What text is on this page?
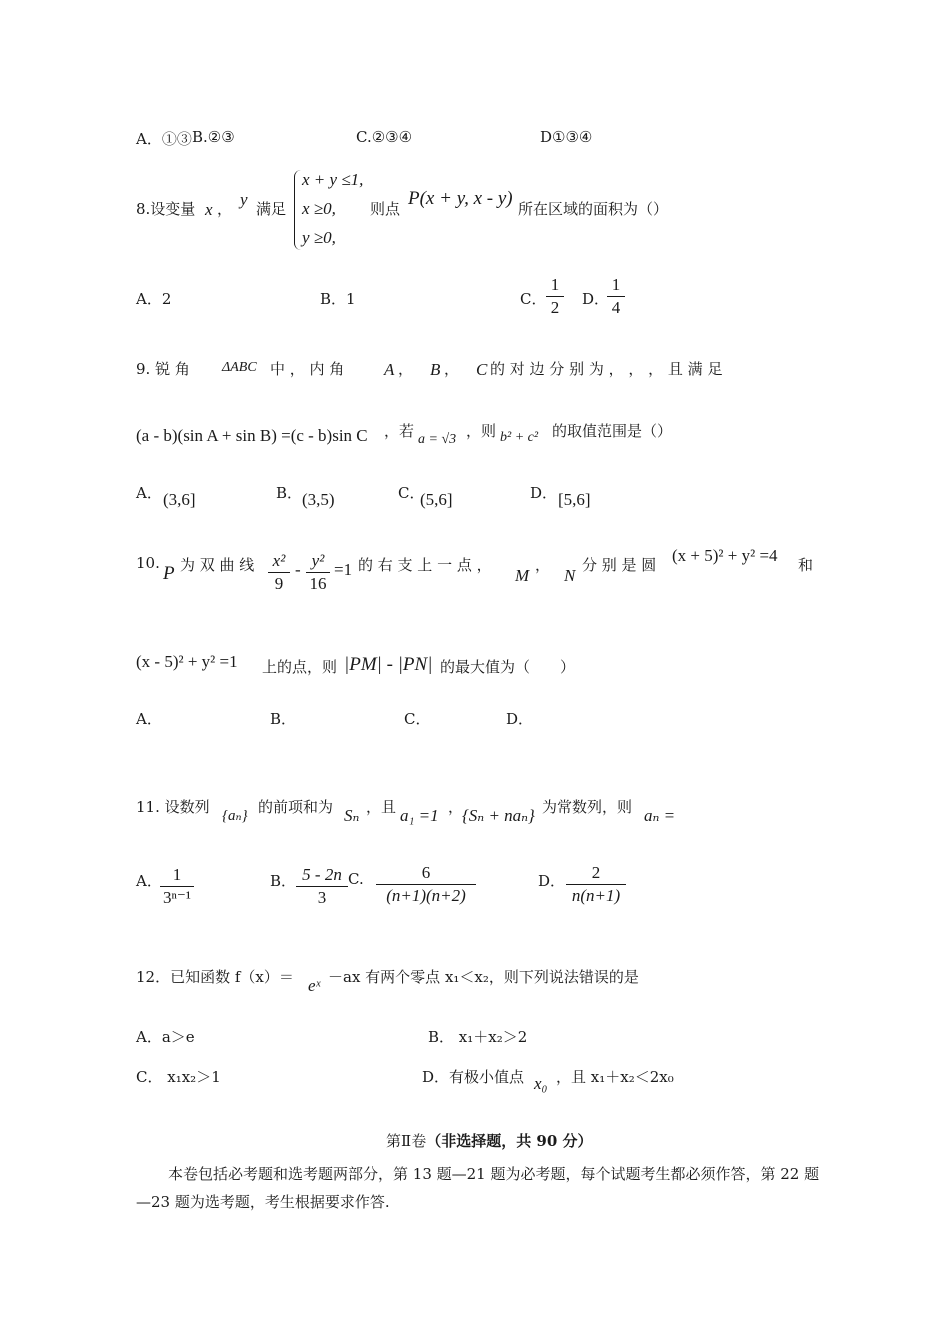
A．①③ B.②③	C.②③④	D①③④
8.设变量 x ， y 满足
x + y ≤1,
x ≥0,
y ≥0,
则点 P(x + y, x - y) 所在区域的面积为（）
A．2	B．1	C． $\frac{1}{2}$ D．
$\frac{1}{4}$
9. 锐 角 ΔABC 中 ， 内 角 A ， B ， C 的 对 边 分 别 为 ， ， ， 且 满 足
(a - b)(sin A + sin B) =(c - b)sin C ，若 a = √3 ，则 b² + c² 的取值范围是（）
A． (3,6]	B． (3,5)	C．
(5,6]	D． [5,6]
10. P 为 双 曲 线 $\frac{\text{x²}}{9} - \frac{\text{y²}}{16} =1$ 的 右 支 上 一 点 ，
M
，
N
分 别 是 圆 (x + 5)² + y² =4 和
(x - 5)² + y² =1 上的点，则 |PM| - |PN| 的最大值为（　　）
A．	B．	C．	D．
11. 设数列 {aₙ} 的前项和为 Sₙ ，且 a₁ =1 ，
{Sₙ + naₙ} 为常数列，则 aₙ =
A．
$\frac{1}{\text{3ⁿ⁻¹}}$	B． $\frac{5 - 2n}{3} C$. $\frac{6}{(n+1)(n+2)}$	D． $\frac{2}{n(n+1)}$
12．已知函数 f（x）＝ eˣ －ax 有两个零点 x₁＜x₂，则下列说法错误的是
A．a＞e	B． x₁＋x₂＞2
C． x₁x₂＞1	D．有极小值点 x₀ ，且 x₁＋x₂＜2x₀
第Ⅱ卷（非选择题，共 90 分）
本卷包括必考题和选考题两部分，第 13 题—21 题为必考题，每个试题考生都必须作答，第 22 题—23 题为选考题，考生根据要求作答.
